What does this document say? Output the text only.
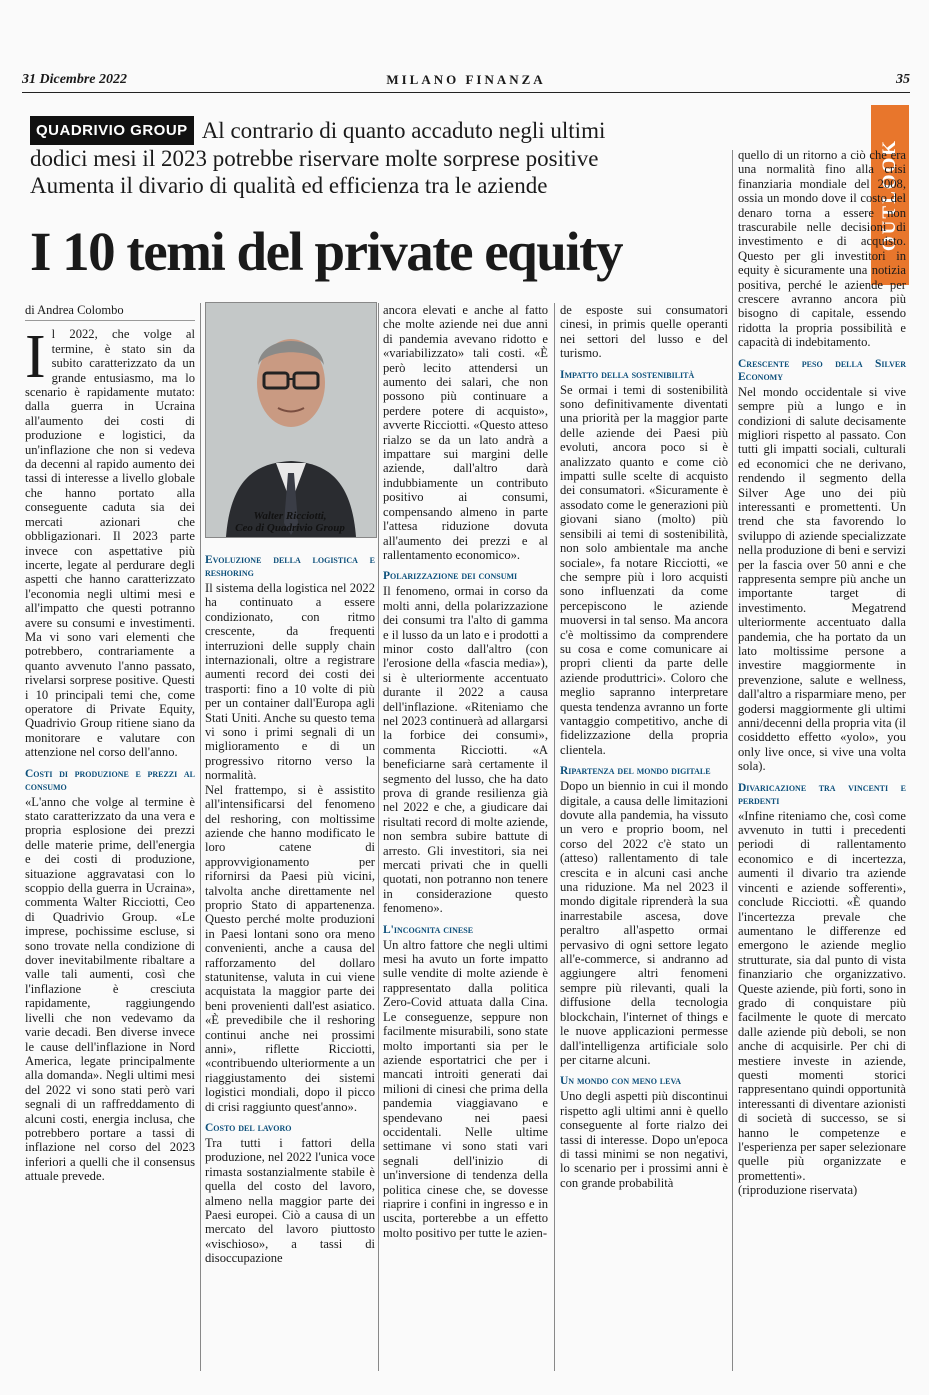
31 Dicembre 2022	MILANO FINANZA	35
QUADRIVIO GROUP Al contrario di quanto accaduto negli ultimi
dodici mesi il 2023 potrebbe riservare molte sorprese positive
Aumenta il divario di qualità ed efficienza tra le aziende	OUTLOOK
I 10 temi del private equity
di Andrea Colombo

Il 2022, che volge al termine, è stato sin da subito caratterizzato da un grande entusiasmo, ma lo scenario è rapidamente mutato: dalla guerra in Ucraina all'aumento dei costi di produzione e logistici, da un'inflazione che non si vedeva da decenni al rapido aumento dei tassi di interesse a livello globale che hanno portato alla conseguente caduta sia dei mercati azionari che obbligazionari. Il 2023 parte invece con aspettative più incerte, legate al perdurare degli aspetti che hanno caratterizzato l'economia negli ultimi mesi e all'impatto che questi potranno avere su consumi e investimenti. Ma vi sono vari elementi che potrebbero, contrariamente a quanto avvenuto l'anno passato, rivelarsi sorprese positive. Questi i 10 principali temi che, come operatore di Private Equity, Quadrivio Group ritiene siano da monitorare e valutare con attenzione nel corso dell'anno.

Costi di produzione e prezzi al consumo

«L'anno che volge al termine è stato caratterizzato da una vera e propria esplosione dei prezzi delle materie prime, dell'energia e dei costi di produzione, situazione aggravatasi con lo scoppio della guerra in Ucraina», commenta Walter Ricciotti, Ceo di Quadrivio Group. «Le imprese, pochissime escluse, si sono trovate nella condizione di dover inevitabilmente ribaltare a valle tali aumenti, così che l'inflazione è cresciuta rapidamente, raggiungendo livelli che non vedevamo da varie decadi. Ben diverse invece le cause dell'inflazione in Nord America, legate principalmente alla domanda». Negli ultimi mesi del 2022 vi sono stati però vari segnali di un raffreddamento di alcuni costi, energia inclusa, che potrebbero portare a tassi di inflazione nel corso del 2023 inferiori a quelli che il consensus attuale prevede.

Walter Ricciotti,
Ceo di Quadrivio Group
Evoluzione della logistica e reshoring

Il sistema della logistica nel 2022 ha continuato a essere condizionato, con ritmo crescente, da frequenti interruzioni delle supply chain internazionali, oltre a registrare aumenti record dei costi dei trasporti: fino a 10 volte di più per un container dall'Europa agli Stati Uniti. Anche su questo tema vi sono i primi segnali di un miglioramento e di un progressivo ritorno verso la normalità.

Nel frattempo, si è assistito all'intensificarsi del fenomeno del reshoring, con moltissime aziende che hanno modificato le loro catene di approvvigionamento per rifornirsi da Paesi più vicini, talvolta anche direttamente nel proprio Stato di appartenenza. Questo perché molte produzioni in Paesi lontani sono ora meno convenienti, anche a causa del rafforzamento del dollaro statunitense, valuta in cui viene acquistata la maggior parte dei beni provenienti dall'est asiatico. «È prevedibile che il reshoring continui anche nei prossimi anni», riflette Ricciotti, «contribuendo ulteriormente a un riaggiustamento dei sistemi logistici mondiali, dopo il picco di crisi raggiunto quest'anno».

Costo del lavoro

Tra tutti i fattori della produzione, nel 2022 l'unica voce rimasta sostanzialmente stabile è quella del costo del lavoro, almeno nella maggior parte dei Paesi europei. Ciò a causa di un mercato del lavoro piuttosto «vischioso», a tassi di disoccupazione

ancora elevati e anche al fatto che molte aziende nei due anni di pandemia avevano ridotto e «variabilizzato» tali costi. «È però lecito attendersi un aumento dei salari, che non possono più continuare a perdere potere di acquisto», avverte Ricciotti. «Questo atteso rialzo se da un lato andrà a impattare sui margini delle aziende, dall'altro darà indubbiamente un contributo positivo ai consumi, compensando almeno in parte l'attesa riduzione dovuta all'aumento dei prezzi e al rallentamento economico».

Polarizzazione dei consumi

Il fenomeno, ormai in corso da molti anni, della polarizzazione dei consumi tra l'alto di gamma e il lusso da un lato e i prodotti a minor costo dall'altro (con l'erosione della «fascia media»), si è ulteriormente accentuato durante il 2022 a causa dell'inflazione. «Riteniamo che nel 2023 continuerà ad allargarsi la forbice dei consumi», commenta Ricciotti. «A beneficiarne sarà certamente il segmento del lusso, che ha dato prova di grande resilienza già nel 2022 e che, a giudicare dai risultati record di molte aziende, non sembra subire battute di arresto. Gli investitori, sia nei mercati privati che in quelli quotati, non potranno non tenere in considerazione questo fenomeno».

L'incognita cinese

Un altro fattore che negli ultimi mesi ha avuto un forte impatto sulle vendite di molte aziende è rappresentato dalla politica Zero-Covid attuata dalla Cina. Le conseguenze, seppure non facilmente misurabili, sono state molto importanti sia per le aziende esportatrici che per i mancati introiti generati dai milioni di cinesi che prima della pandemia viaggiavano e spendevano nei paesi occidentali. Nelle ultime settimane vi sono stati vari segnali dell'inizio di un'inversione di tendenza della politica cinese che, se dovesse riaprire i confini in ingresso e in uscita, porterebbe a un effetto molto positivo per tutte le azien-

de esposte sui consumatori cinesi, in primis quelle operanti nei settori del lusso e del turismo.

Impatto della sostenibilità

Se ormai i temi di sostenibilità sono definitivamente diventati una priorità per la maggior parte delle aziende dei Paesi più evoluti, ancora poco si è analizzato quanto e come ciò impatti sulle scelte di acquisto dei consumatori. «Sicuramente è assodato come le generazioni più giovani siano (molto) più sensibili ai temi di sostenibilità, non solo ambientale ma anche sociale», fa notare Ricciotti, «e che sempre più i loro acquisti sono influenzati da come percepiscono le aziende muoversi in tal senso. Ma ancora c'è moltissimo da comprendere su cosa e come comunicare ai propri clienti da parte delle aziende produttrici». Coloro che meglio sapranno interpretare questa tendenza avranno un forte vantaggio competitivo, anche di fidelizzazione della propria clientela.

Ripartenza del mondo digitale

Dopo un biennio in cui il mondo digitale, a causa delle limitazioni dovute alla pandemia, ha vissuto un vero e proprio boom, nel corso del 2022 c'è stato un (atteso) rallentamento di tale crescita e in alcuni casi anche una riduzione. Ma nel 2023 il mondo digitale riprenderà la sua inarrestabile ascesa, dove peraltro all'aspetto ormai pervasivo di ogni settore legato all'e-commerce, si andranno ad aggiungere altri fenomeni sempre più rilevanti, quali la diffusione della tecnologia blockchain, l'internet of things e le nuove applicazioni permesse dall'intelligenza artificiale solo per citarne alcuni.

Un mondo con meno leva

Uno degli aspetti più discontinui rispetto agli ultimi anni è quello conseguente al forte rialzo dei tassi di interesse. Dopo un'epoca di tassi minimi se non negativi, lo scenario per i prossimi anni è con grande probabilità

quello di un ritorno a ciò che era una normalità fino alla crisi finanziaria mondiale del 2008, ossia un mondo dove il costo del denaro torna a essere non trascurabile nelle decisioni di investimento e di acquisto. Questo per gli investitori in equity è sicuramente una notizia positiva, perché le aziende per crescere avranno ancora più bisogno di capitale, essendo ridotta la propria possibilità e capacità di indebitamento.

Crescente peso della Silver Economy

Nel mondo occidentale si vive sempre più a lungo e in condizioni di salute decisamente migliori rispetto al passato. Con tutti gli impatti sociali, culturali ed economici che ne derivano, rendendo il segmento della Silver Age uno dei più interessanti e promettenti. Un trend che sta favorendo lo sviluppo di aziende specializzate nella produzione di beni e servizi per la fascia over 50 anni e che rappresenta sempre più anche un importante target di investimento. Megatrend ulteriormente accentuato dalla pandemia, che ha portato da un lato moltissime persone a investire maggiormente in prevenzione, salute e wellness, dall'altro a risparmiare meno, per godersi maggiormente gli ultimi anni/decenni della propria vita (il cosiddetto effetto «yolo», you only live once, si vive una volta sola).

Divaricazione tra vincenti e perdenti

«Infine riteniamo che, così come avvenuto in tutti i precedenti periodi di rallentamento economico e di incertezza, aumenti il divario tra aziende vincenti e aziende sofferenti», conclude Ricciotti. «È quando l'incertezza prevale che aumentano le differenze ed emergono le aziende meglio strutturate, sia dal punto di vista finanziario che organizzativo. Queste aziende, più forti, sono in grado di conquistare più facilmente le quote di mercato dalle aziende più deboli, se non anche di acquisirle. Per chi di mestiere investe in aziende, questi momenti storici rappresentano quindi opportunità interessanti di diventare azionisti di società di successo, se si hanno le competenze e l'esperienza per saper selezionare quelle più organizzate e promettenti».

(riproduzione riservata)
